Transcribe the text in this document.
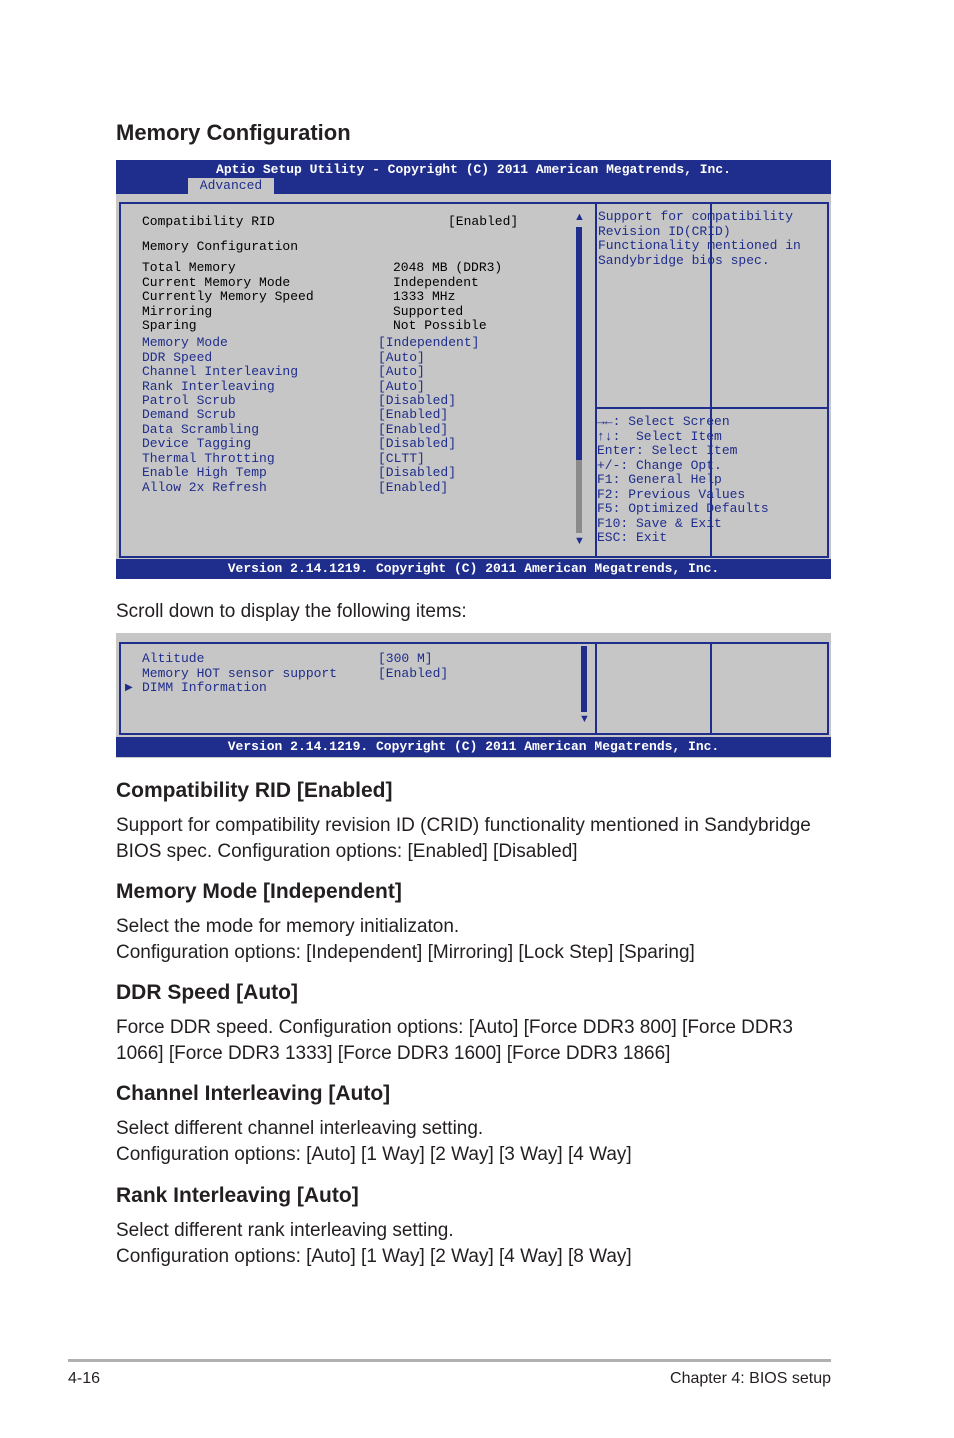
Memory Configuration
Aptio Setup Utility - Copyright (C) 2011 American Megatrends, Inc.
Advanced
Compatibility RID	[Enabled]
Memory Configuration
Total Memory	2048 MB (DDR3)
Current Memory Mode	Independent
Currently Memory Speed	1333 MHz
Mirroring	Supported
Sparing	Not Possible
Memory Mode	[Independent]
DDR Speed	[Auto]
Channel Interleaving	[Auto]
Rank Interleaving	[Auto]
Patrol Scrub	[Disabled]
Demand Scrub	[Enabled]
Data Scrambling	[Enabled]
Device Tagging	[Disabled]
Thermal Throtting	[CLTT]
Enable High Temp	[Disabled]
Allow 2x Refresh	[Enabled]
▲
▼
Support for compatibility
Revision ID(CRID)
Functionality mentioned in
Sandybridge bios spec.
→←: Select Screen
↑↓:  Select Item
Enter: Select Item
+/-: Change Opt.
F1: General Help
F2: Previous Values
F5: Optimized Defaults
F10: Save & Exit
ESC: Exit
Version 2.14.1219. Copyright (C) 2011 American Megatrends, Inc.

Scroll down to display the following items:

Altitude	[300 M]
Memory HOT sensor support	[Enabled]
DIMM Information
▶
▼
Version 2.14.1219. Copyright (C) 2011 American Megatrends, Inc.
Compatibility RID [Enabled]
Support for compatibility revision ID (CRID) functionality mentioned in Sandybridge
BIOS spec. Configuration options: [Enabled] [Disabled]
Memory Mode [Independent]
Select the mode for memory initializaton.
Configuration options: [Independent] [Mirroring] [Lock Step] [Sparing]
DDR Speed [Auto]
Force DDR speed. Configuration options: [Auto] [Force DDR3 800] [Force DDR3
1066] [Force DDR3 1333] [Force DDR3 1600] [Force DDR3 1866]
Channel Interleaving [Auto]
Select different channel interleaving setting.
Configuration options: [Auto] [1 Way] [2 Way] [3 Way] [4 Way]
Rank Interleaving [Auto]
Select different rank interleaving setting.
Configuration options: [Auto] [1 Way] [2 Way] [4 Way] [8 Way]
4-16	Chapter 4: BIOS setup
